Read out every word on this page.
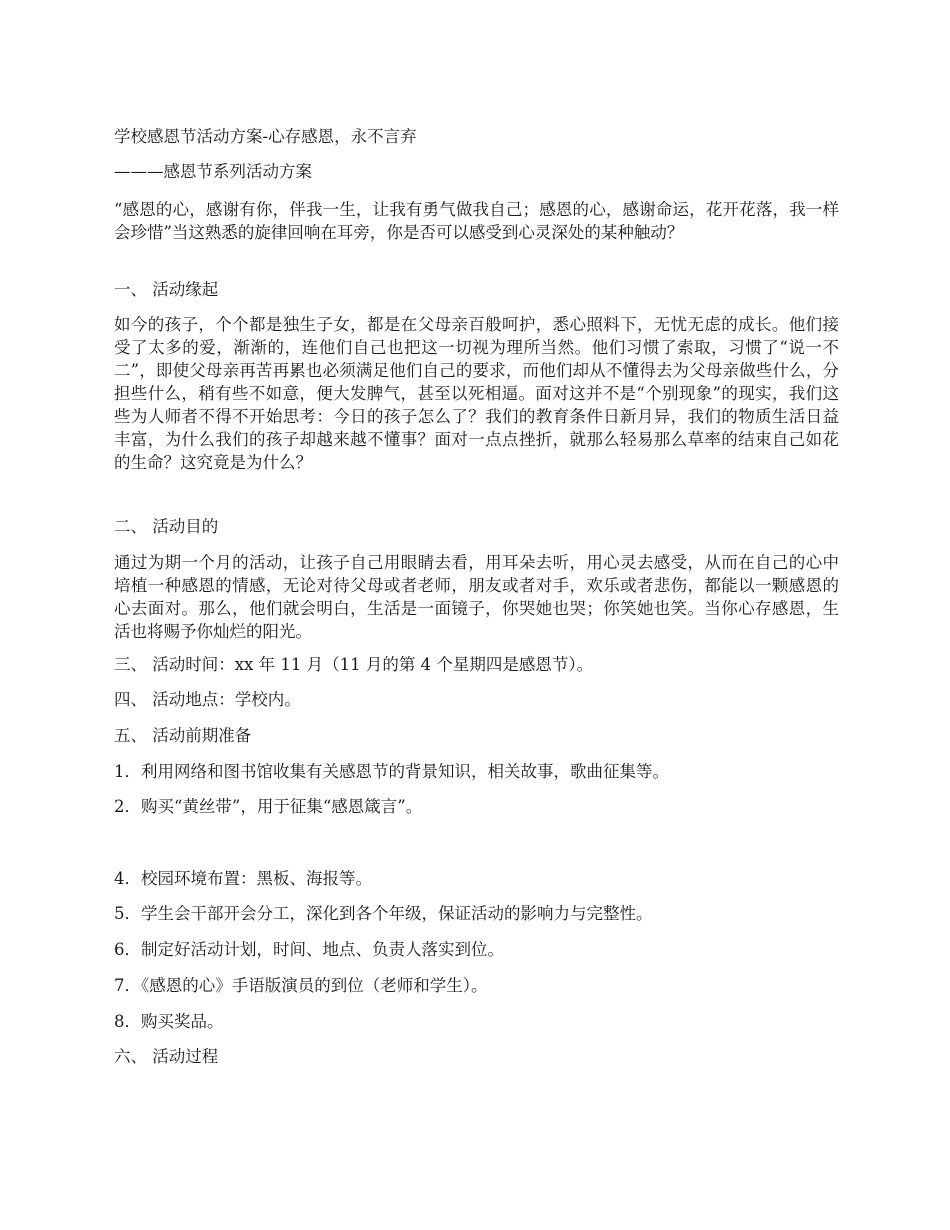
学校感恩节活动方案-心存感恩，永不言弃

———感恩节系列活动方案

“感恩的心，感谢有你，伴我一生，让我有勇气做我自己；感恩的心，感谢命运，花开花落，我一样会珍惜”当这熟悉的旋律回响在耳旁，你是否可以感受到心灵深处的某种触动？

一、 活动缘起

如今的孩子，个个都是独生子女，都是在父母亲百般呵护，悉心照料下，无忧无虑的成长。他们接受了太多的爱，渐渐的，连他们自己也把这一切视为理所当然。他们习惯了索取，习惯了“说一不二”，即使父母亲再苦再累也必须满足他们自己的要求，而他们却从不懂得去为父母亲做些什么，分担些什么，稍有些不如意，便大发脾气，甚至以死相逼。面对这并不是“个别现象”的现实，我们这些为人师者不得不开始思考：今日的孩子怎么了？我们的教育条件日新月异，我们的物质生活日益丰富，为什么我们的孩子却越来越不懂事？面对一点点挫折，就那么轻易那么草率的结束自己如花的生命？这究竟是为什么？

二、 活动目的

通过为期一个月的活动，让孩子自己用眼睛去看，用耳朵去听，用心灵去感受，从而在自己的心中培植一种感恩的情感，无论对待父母或者老师，朋友或者对手，欢乐或者悲伤，都能以一颗感恩的心去面对。那么，他们就会明白，生活是一面镜子，你哭她也哭；你笑她也笑。当你心存感恩，生活也将赐予你灿烂的阳光。

三、 活动时间：xx 年 11 月（11 月的第 4 个星期四是感恩节）。

四、 活动地点：学校内。

五、 活动前期准备

1．利用网络和图书馆收集有关感恩节的背景知识，相关故事，歌曲征集等。

2．购买“黄丝带”，用于征集“感恩箴言”。

4．校园环境布置：黑板、海报等。

5．学生会干部开会分工，深化到各个年级，保证活动的影响力与完整性。

6．制定好活动计划，时间、地点、负责人落实到位。

7．《感恩的心》手语版演员的到位（老师和学生）。

8．购买奖品。

六、 活动过程
